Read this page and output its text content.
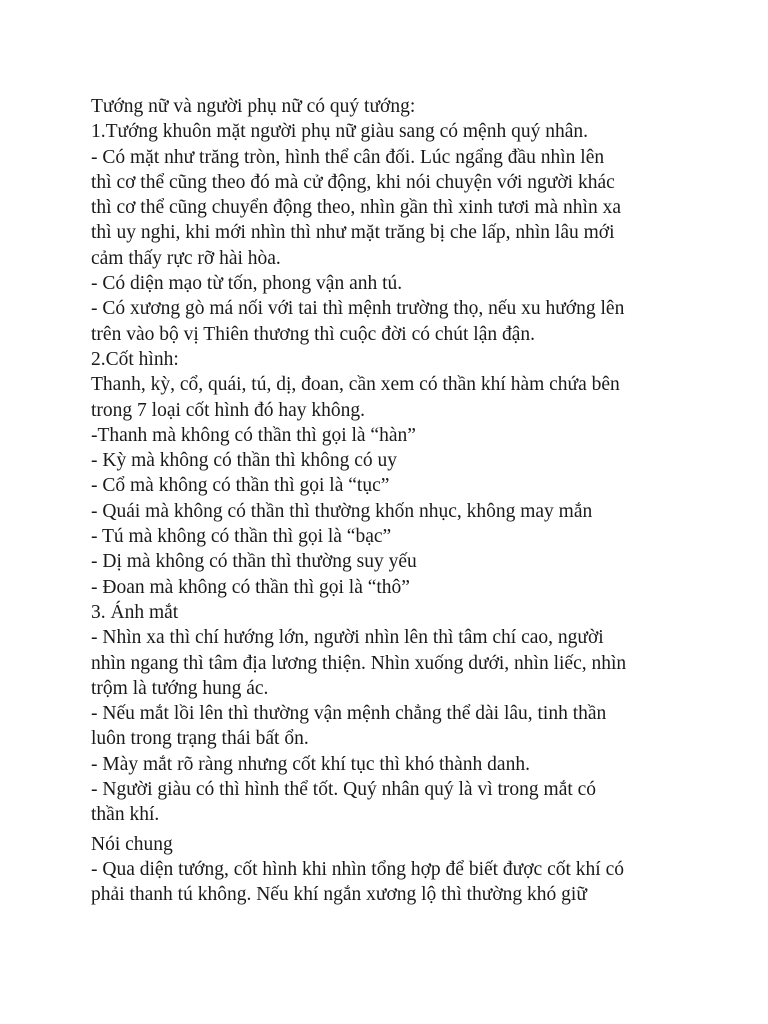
Tướng nữ và người phụ nữ có quý tướng:
1.Tướng khuôn mặt người phụ nữ giàu sang có mệnh quý nhân.
- Có mặt như trăng tròn, hình thể cân đối. Lúc ngẩng đầu nhìn lên
thì cơ thể cũng theo đó mà cử động, khi nói chuyện với người khác
thì cơ thể cũng chuyển động theo, nhìn gần thì xinh tươi mà nhìn xa
thì uy nghi, khi mới nhìn thì như mặt trăng bị che lấp, nhìn lâu mới
cảm thấy rực rỡ hài hòa.
- Có diện mạo từ tốn, phong vận anh tú.
- Có xương gò má nối với tai thì mệnh trường thọ, nếu xu hướng lên
trên vào bộ vị Thiên thương thì cuộc đời có chút lận đận.
2.Cốt hình:
Thanh, kỳ, cổ, quái, tú, dị, đoan, cần xem có thần khí hàm chứa bên
trong 7 loại cốt hình đó hay không.
-Thanh mà không có thần thì gọi là “hàn”
- Kỳ mà không có thần thì không có uy
- Cổ mà không có thần thì gọi là “tục”
- Quái mà không có thần thì thường khốn nhục, không may mắn
- Tú mà không có thần thì gọi là “bạc”
- Dị mà không có thần thì thường suy yếu
- Đoan mà không có thần thì gọi là “thô”
3. Ánh mắt
- Nhìn xa thì chí hướng lớn, người nhìn lên thì tâm chí cao, người
nhìn ngang thì tâm địa lương thiện. Nhìn xuống dưới, nhìn liếc, nhìn
trộm là tướng hung ác.
- Nếu mắt lồi lên thì thường vận mệnh chẳng thể dài lâu, tinh thần
luôn trong trạng thái bất ổn.
- Mày mắt rõ ràng nhưng cốt khí tục thì khó thành danh.
- Người giàu có thì hình thể tốt. Quý nhân quý là vì trong mắt có
thần khí.
Nói chung
- Qua diện tướng, cốt hình khi nhìn tổng hợp để biết được cốt khí có
phải thanh tú không. Nếu khí ngắn xương lộ thì thường khó giữ
